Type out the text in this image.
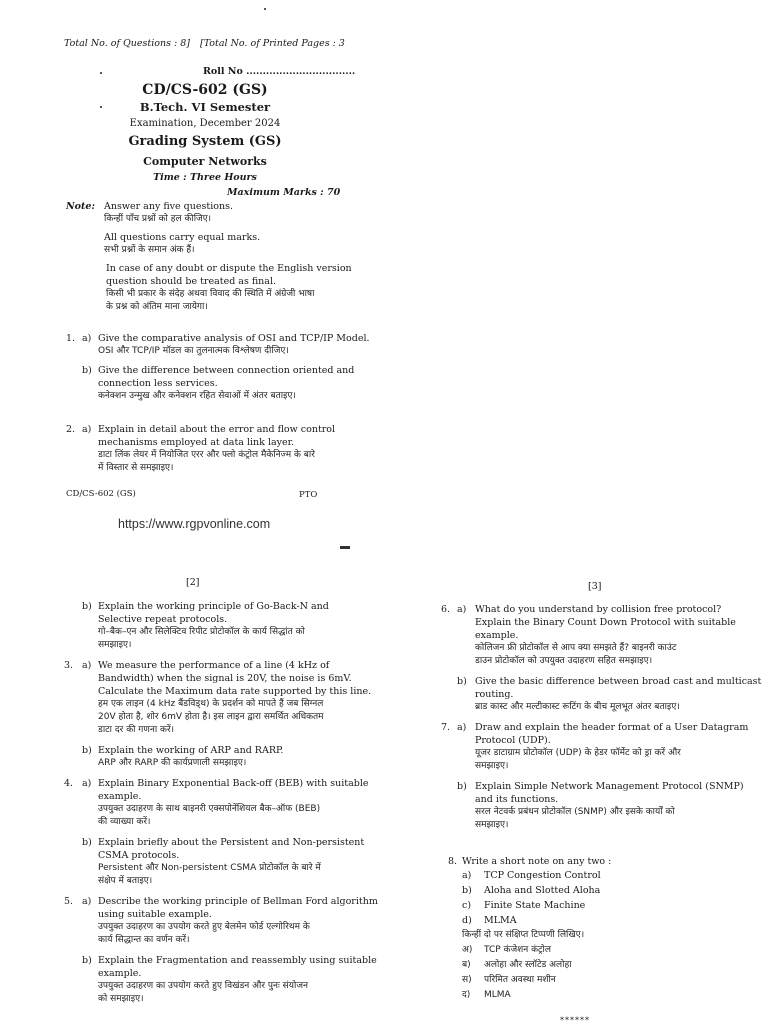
Total No. of Questions : 8] [Total No. of Printed Pages : 3
Roll No .................................
CD/CS-602 (GS)
B.Tech. VI Semester
Examination, December 2024
Grading System (GS)
Computer Networks
Time : Three Hours
Maximum Marks : 70
Note: Answer any five questions.
किन्हीं पाँच प्रश्नों को हल कीजिए।
All questions carry equal marks.
सभी प्रश्नों के समान अंक हैं।
In case of any doubt or dispute the English version
question should be treated as final.
किसी भी प्रकार के संदेह अथवा विवाद की स्थिति में अंग्रेजी भाषा
के प्रश्न को अंतिम माना जायेगा।
1. a) Give the comparative analysis of OSI and TCP/IP Model.
OSI और TCP/IP मॉडल का तुलनात्मक विश्लेषण दीजिए।
b) Give the difference between connection oriented and
connection less services.
कनेक्शन उन्मुख और कनेक्शन रहित सेवाओं में अंतर बताइए।
2. a) Explain in detail about the error and flow control
mechanisms employed at data link layer.
डाटा लिंक लेयर में नियोजित एरर और फ्लो कंट्रोल मैकेनिज्म के बारे
में विस्तार से समझाइए।
CD/CS-602 (GS)	PTO
https://www.rgpvonline.com
[2]
b) Explain the working principle of Go-Back-N and
Selective repeat protocols.
गो–बैक–एन और सिलेक्टिव रिपीट प्रोटोकॉल के कार्य सिद्धांत को
समझाइए।
3. a) We measure the performance of a line (4 kHz of
Bandwidth) when the signal is 20V, the noise is 6mV.
Calculate the Maximum data rate supported by this line.
हम एक लाइन (4 kHz बैंडविड्थ) के प्रदर्शन को मापते हैं जब सिग्नल
20V होता है, शोर 6mV होता है। इस लाइन द्वारा समर्थित अधिकतम
डाटा दर की गणना करें।
b) Explain the working of ARP and RARP.
ARP और RARP की कार्यप्रणाली समझाइए।
4. a) Explain Binary Exponential Back-off (BEB) with suitable
example.
उपयुक्त उदाहरण के साथ बाइनरी एक्सपोनेंशियल बैक–ऑफ (BEB)
की व्याख्या करें।
b) Explain briefly about the Persistent and Non-persistent
CSMA protocols.
Persistent और Non-persistent CSMA प्रोटोकॉल के बारे में
संक्षेप में बताइए।
5. a) Describe the working principle of Bellman Ford algorithm
using suitable example.
उपयुक्त उदाहरण का उपयोग करते हुए बेलमेन फोर्ड एल्गोरिथम के
कार्य सिद्धान्त का वर्णन करें।
b) Explain the Fragmentation and reassembly using suitable
example.
उपयुक्त उदाहरण का उपयोग करते हुए विखंडन और पुनः संयोजन
को समझाइए।
[3]
6. a) What do you understand by collision free protocol?
Explain the Binary Count Down Protocol with suitable
example.
कोलिजन फ्री प्रोटोकॉल से आप क्या समझते हैं? बाइनरी काउंट
डाउन प्रोटोकॉल को उपयुक्त उदाहरण सहित समझाइए।
b) Give the basic difference between broad cast and multicast
routing.
ब्राड कास्ट और मल्टीकास्ट रूटिंग के बीच मूलभूत अंतर बताइए।
7. a) Draw and explain the header format of a User Datagram
Protocol (UDP).
यूजर डाटाग्राम प्रोटोकॉल (UDP) के हेडर फॉर्मेट को ड्रा करें और
समझाइए।
b) Explain Simple Network Management Protocol (SNMP)
and its functions.
सरल नेटवर्क प्रबंधन प्रोटोकॉल (SNMP) और इसके कार्यों को
समझाइए।
8. Write a short note on any two :
a) TCP Congestion Control
b) Aloha and Slotted Aloha
c) Finite State Machine
d) MLMA
किन्हीं दो पर संक्षिप्त टिप्पणी लिखिए।
अ) TCP कंजेशन कंट्रोल
ब) अलोहा और स्लॉटेड अलोहा
स) परिमित अवस्था मशीन
द) MLMA
******
